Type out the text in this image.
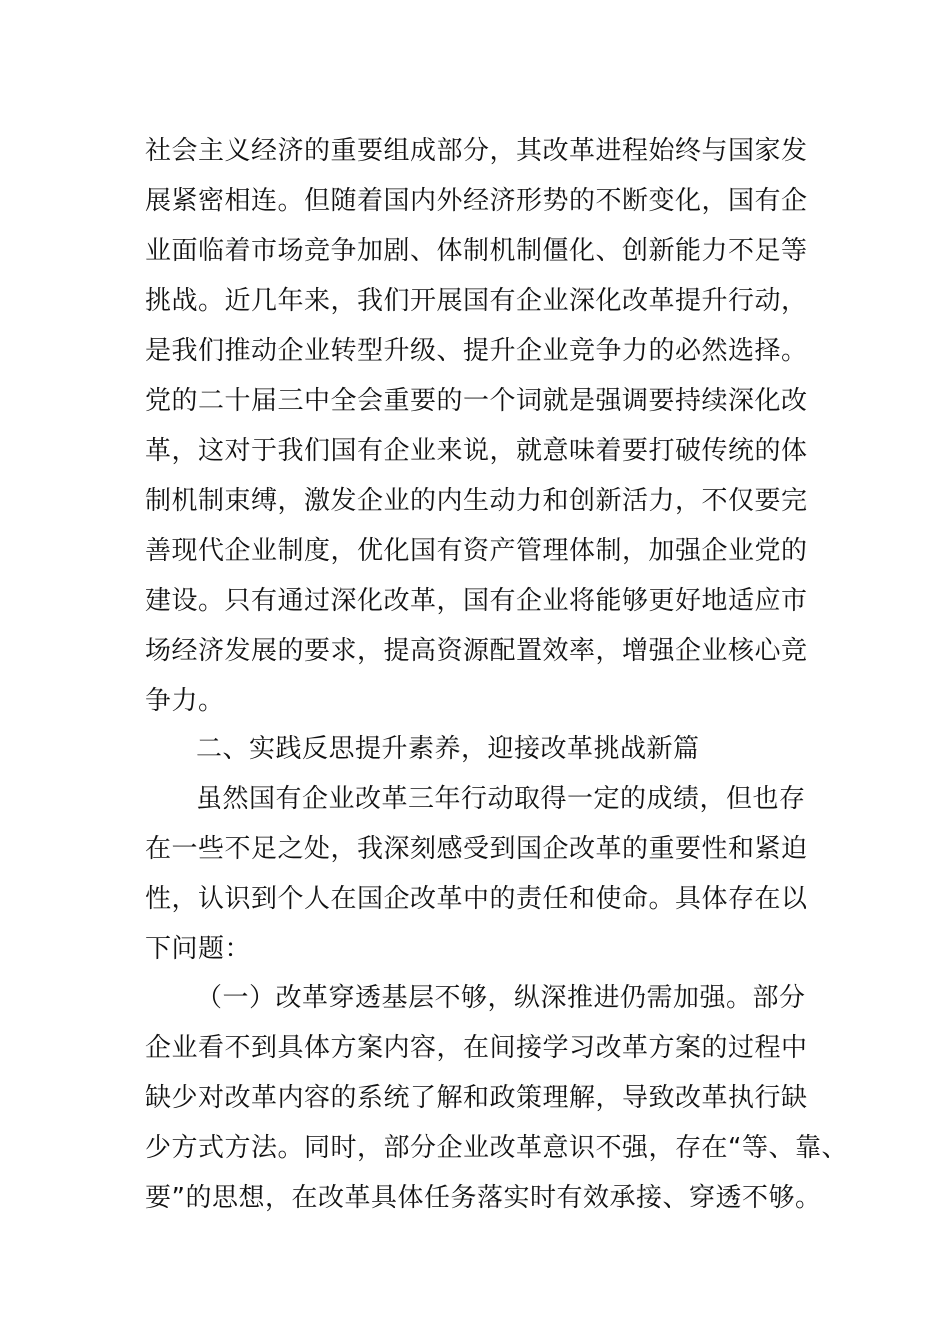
社会主义经济的重要组成部分，其改革进程始终与国家发
展紧密相连。但随着国内外经济形势的不断变化，国有企
业面临着市场竞争加剧、体制机制僵化、创新能力不足等
挑战。近几年来，我们开展国有企业深化改革提升行动，
是我们推动企业转型升级、提升企业竞争力的必然选择。
党的二十届三中全会重要的一个词就是强调要持续深化改
革，这对于我们国有企业来说，就意味着要打破传统的体
制机制束缚，激发企业的内生动力和创新活力，不仅要完
善现代企业制度，优化国有资产管理体制，加强企业党的
建设。只有通过深化改革，国有企业将能够更好地适应市
场经济发展的要求，提高资源配置效率，增强企业核心竞
争力。
二、实践反思提升素养，迎接改革挑战新篇
虽然国有企业改革三年行动取得一定的成绩，但也存
在一些不足之处，我深刻感受到国企改革的重要性和紧迫
性，认识到个人在国企改革中的责任和使命。具体存在以
下问题：
（一）改革穿透基层不够，纵深推进仍需加强。部分
企业看不到具体方案内容，在间接学习改革方案的过程中
缺少对改革内容的系统了解和政策理解，导致改革执行缺
少方式方法。同时，部分企业改革意识不强，存在“等、靠、
要”的思想，在改革具体任务落实时有效承接、穿透不够。
